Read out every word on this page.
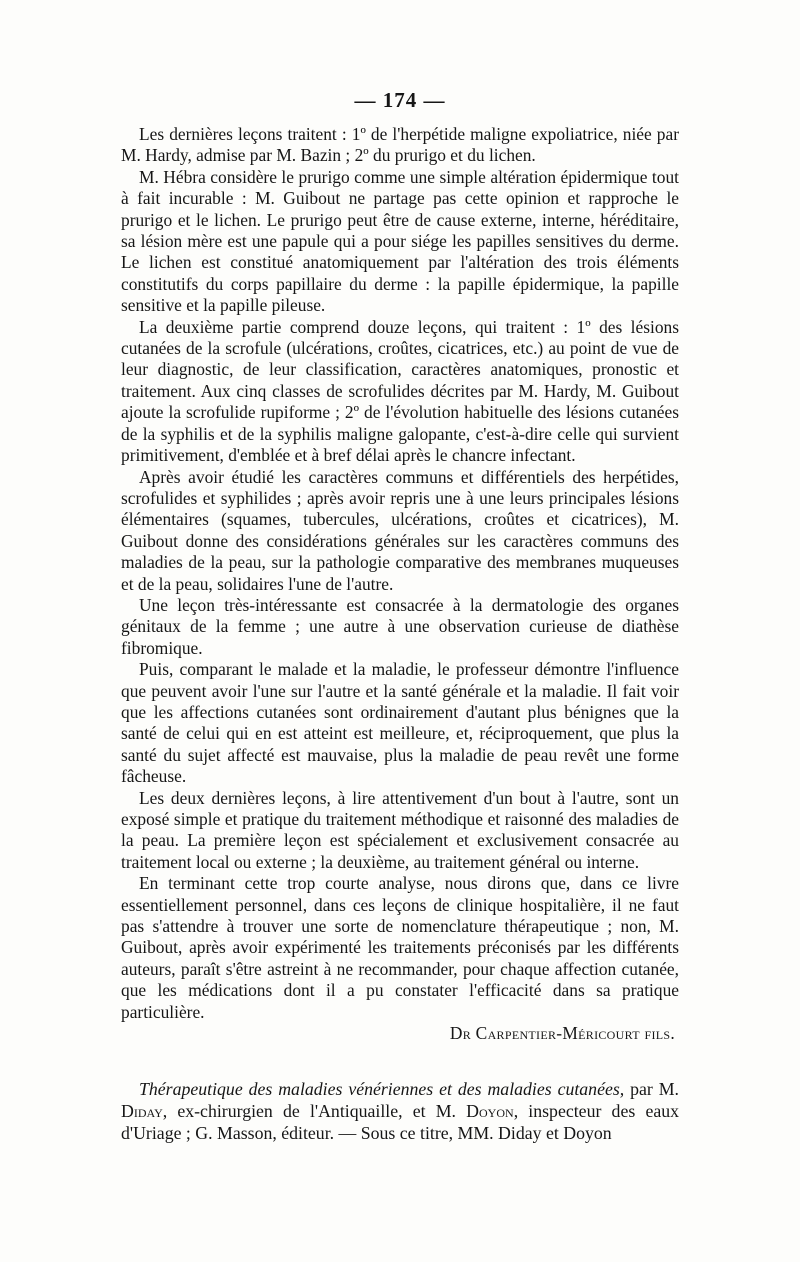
— 174 —

Les dernières leçons traitent : 1º de l'herpétide maligne expoliatrice, niée par M. Hardy, admise par M. Bazin ; 2º du prurigo et du lichen.

M. Hébra considère le prurigo comme une simple altération épidermique tout à fait incurable : M. Guibout ne partage pas cette opinion et rapproche le prurigo et le lichen. Le prurigo peut être de cause externe, interne, héréditaire, sa lésion mère est une papule qui a pour siége les papilles sensitives du derme. Le lichen est constitué anatomiquement par l'altération des trois éléments constitutifs du corps papillaire du derme : la papille épidermique, la papille sensitive et la papille pileuse.

La deuxième partie comprend douze leçons, qui traitent : 1º des lésions cutanées de la scrofule (ulcérations, croûtes, cicatrices, etc.) au point de vue de leur diagnostic, de leur classification, caractères anatomiques, pronostic et traitement. Aux cinq classes de scrofulides décrites par M. Hardy, M. Guibout ajoute la scrofulide rupiforme ; 2º de l'évolution habituelle des lésions cutanées de la syphilis et de la syphilis maligne galopante, c'est-à-dire celle qui survient primitivement, d'emblée et à bref délai après le chancre infectant.

Après avoir étudié les caractères communs et différentiels des herpétides, scrofulides et syphilides ; après avoir repris une à une leurs principales lésions élémentaires (squames, tubercules, ulcérations, croûtes et cicatrices), M. Guibout donne des considérations générales sur les caractères communs des maladies de la peau, sur la pathologie comparative des membranes muqueuses et de la peau, solidaires l'une de l'autre.

Une leçon très-intéressante est consacrée à la dermatologie des organes génitaux de la femme ; une autre à une observation curieuse de diathèse fibromique.

Puis, comparant le malade et la maladie, le professeur démontre l'influence que peuvent avoir l'une sur l'autre et la santé générale et la maladie. Il fait voir que les affections cutanées sont ordinairement d'autant plus bénignes que la santé de celui qui en est atteint est meilleure, et, réciproquement, que plus la santé du sujet affecté est mauvaise, plus la maladie de peau revêt une forme fâcheuse.

Les deux dernières leçons, à lire attentivement d'un bout à l'autre, sont un exposé simple et pratique du traitement méthodique et raisonné des maladies de la peau. La première leçon est spécialement et exclusivement consacrée au traitement local ou externe ; la deuxième, au traitement général ou interne.

En terminant cette trop courte analyse, nous dirons que, dans ce livre essentiellement personnel, dans ces leçons de clinique hospitalière, il ne faut pas s'attendre à trouver une sorte de nomenclature thérapeutique ; non, M. Guibout, après avoir expérimenté les traitements préconisés par les différents auteurs, paraît s'être astreint à ne recommander, pour chaque affection cutanée, que les médications dont il a pu constater l'efficacité dans sa pratique particulière.

Dr Carpentier-Méricourt fils.

Thérapeutique des maladies vénériennes et des maladies cutanées, par M. Diday, ex-chirurgien de l'Antiquaille, et M. Doyon, inspecteur des eaux d'Uriage ; G. Masson, éditeur. — Sous ce titre, MM. Diday et Doyon
